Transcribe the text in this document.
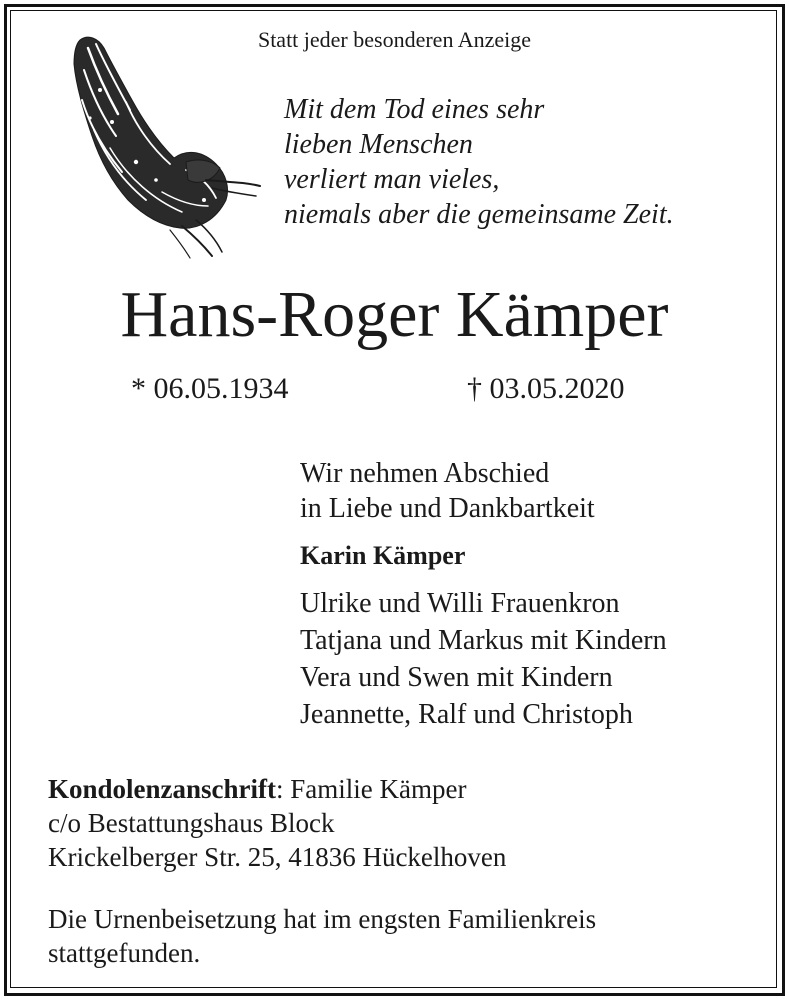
Statt jeder besonderen Anzeige
Mit dem Tod eines sehr
lieben Menschen
verliert man vieles,
niemals aber die gemeinsame Zeit.
Hans-Roger Kämper
* 06.05.1934	† 03.05.2020
Wir nehmen Abschied
in Liebe und Dankbartkeit
Karin Kämper
Ulrike und Willi Frauenkron
Tatjana und Markus mit Kindern
Vera und Swen mit Kindern
Jeannette, Ralf und Christoph
Kondolenzanschrift: Familie Kämper
c/o Bestattungshaus Block
Krickelberger Str. 25, 41836 Hückelhoven
Die Urnenbeisetzung hat im engsten Familienkreis
stattgefunden.
